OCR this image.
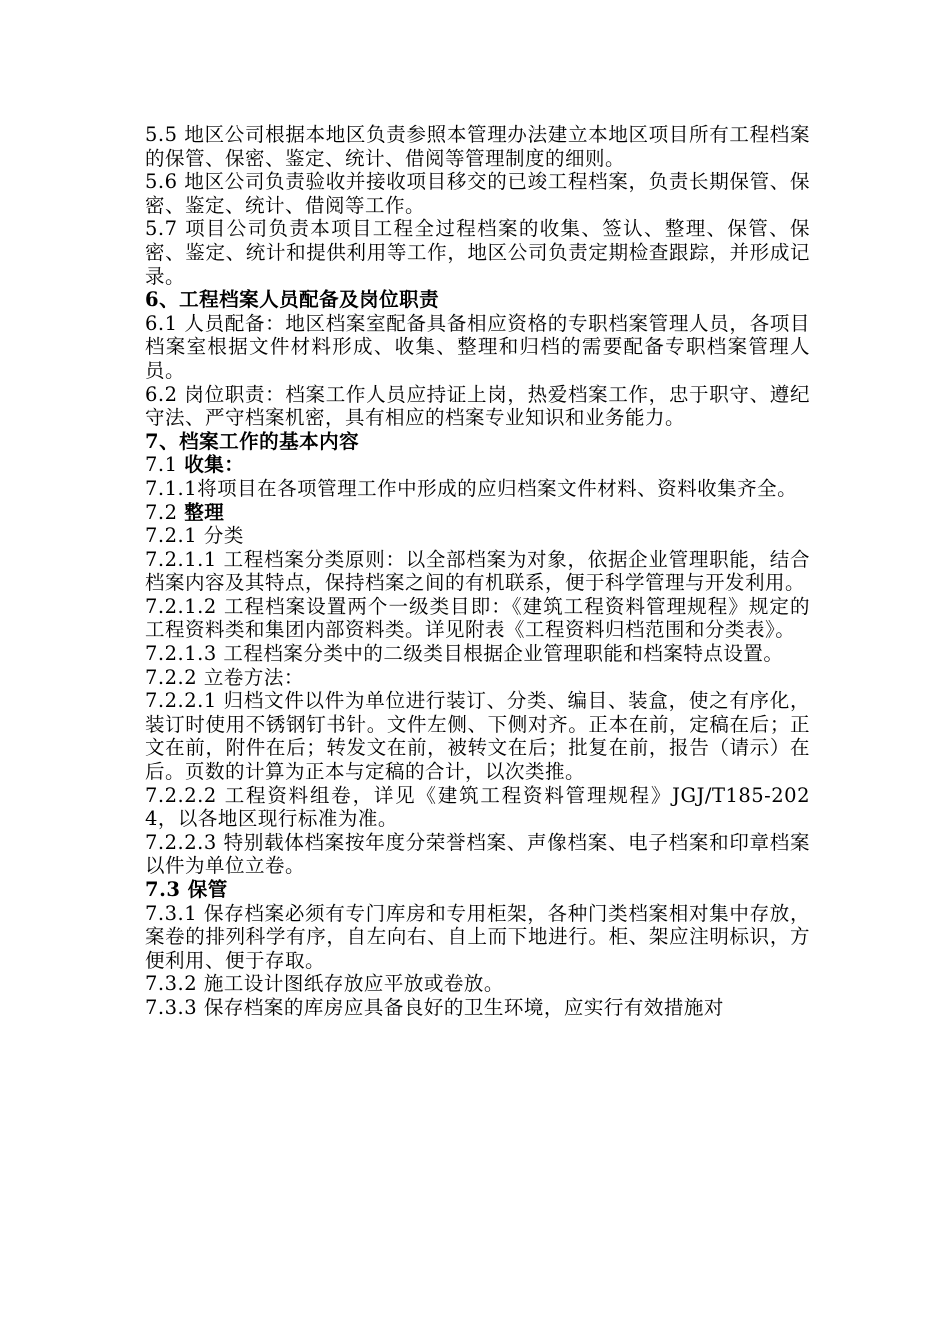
5.5 地区公司根据本地区负责参照本管理办法建立本地区项目所有工程档案的保管、保密、鉴定、统计、借阅等管理制度的细则。

5.6 地区公司负责验收并接收项目移交的已竣工程档案，负责长期保管、保密、鉴定、统计、借阅等工作。

5.7 项目公司负责本项目工程全过程档案的收集、签认、整理、保管、保密、鉴定、统计和提供利用等工作，地区公司负责定期检查跟踪，并形成记录。

6、工程档案人员配备及岗位职责

6.1 人员配备：地区档案室配备具备相应资格的专职档案管理人员，各项目档案室根据文件材料形成、收集、整理和归档的需要配备专职档案管理人员。

6.2 岗位职责：档案工作人员应持证上岗，热爱档案工作，忠于职守、遵纪守法、严守档案机密，具有相应的档案专业知识和业务能力。

7、档案工作的基本内容

7.1 收集：

7.1.1将项目在各项管理工作中形成的应归档案文件材料、资料收集齐全。

7.2 整理

7.2.1 分类

7.2.1.1 工程档案分类原则：以全部档案为对象，依据企业管理职能，结合档案内容及其特点，保持档案之间的有机联系，便于科学管理与开发利用。

7.2.1.2 工程档案设置两个一级类目即：《建筑工程资料管理规程》规定的工程资料类和集团内部资料类。详见附表《工程资料归档范围和分类表》。

7.2.1.3 工程档案分类中的二级类目根据企业管理职能和档案特点设置。

7.2.2 立卷方法：

7.2.2.1 归档文件以件为单位进行装订、分类、编目、装盒，使之有序化，装订时使用不锈钢钉书针。文件左侧、下侧对齐。正本在前，定稿在后；正文在前，附件在后；转发文在前，被转文在后；批复在前，报告（请示）在后。页数的计算为正本与定稿的合计，以次类推。

7.2.2.2 工程资料组卷，详见《建筑工程资料管理规程》JGJ/T185-2024，以各地区现行标准为准。

7.2.2.3 特别载体档案按年度分荣誉档案、声像档案、电子档案和印章档案以件为单位立卷。

7.3 保管

7.3.1 保存档案必须有专门库房和专用柜架，各种门类档案相对集中存放，案卷的排列科学有序，自左向右、自上而下地进行。柜、架应注明标识，方便利用、便于存取。

7.3.2 施工设计图纸存放应平放或卷放。

7.3.3 保存档案的库房应具备良好的卫生环境，应实行有效措施对
